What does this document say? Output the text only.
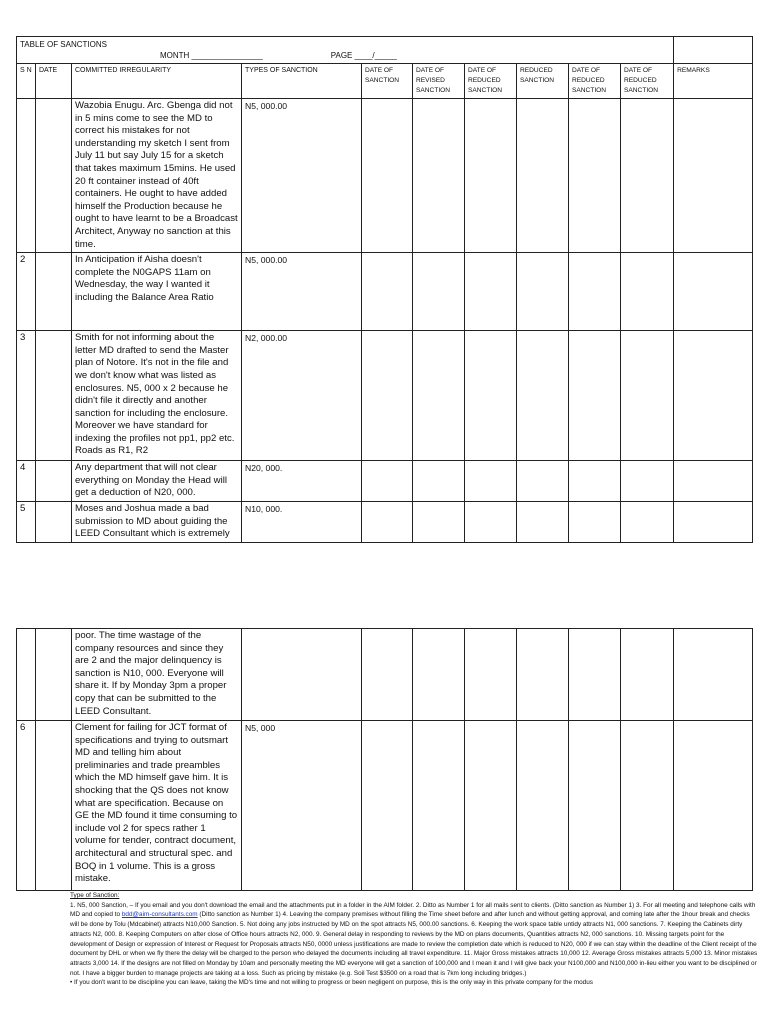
TABLE OF SANCTIONS
MONTH ________________ PAGE ____/_____										

S N	DATE	COMMITTED IRREGULARITY	TYPES OF SANCTION	DATE OF SANCTION	DATE OF REVISED SANCTION	DATE OF REDUCED SANCTION	REDUCED SANCTION	DATE OF REDUCED SANCTION	DATE OF REDUCED SANCTION	REMARKS
		Wazobia Enugu. Arc. Gbenga did not in 5 mins come to see the MD to correct his mistakes for not understanding my sketch I sent from July 11 but say July 15 for a sketch that takes maximum 15mins. He used 20 ft container instead of 40ft containers. He ought to have added himself the Production because he ought to have learnt to be a Broadcast Architect, Anyway no sanction at this time.	N5, 000.00							
2		In Anticipation if Aisha doesn't complete the N0GAPS 11am on Wednesday, the way I wanted it including the Balance Area Ratio	N5, 000.00							
3		Smith for not informing about the letter MD drafted to send the Master plan of Notore. It's not in the file and we don't know what was listed as enclosures. N5, 000 x 2 because he didn't file it directly and another sanction for including the enclosure. Moreover we have standard for indexing the profiles not pp1, pp2 etc. Roads as R1, R2	N2, 000.00							
4		Any department that will not clear everything on Monday the Head will get a deduction of N20, 000.	N20, 000.							
5		Moses and Joshua made a bad submission to MD about guiding the LEED Consultant which is extremely	N10, 000.							
		poor. The time wastage of the company resources and since they are 2 and the major delinquency is sanction is N10, 000. Everyone will share it. If by Monday 3pm a proper copy that can be submitted to the LEED Consultant.								
6		Clement for failing for JCT format of specifications and trying to outsmart MD and telling him about preliminaries and trade preambles which the MD himself gave him. It is shocking that the QS does not know what are specification. Because on GE the MD found it time consuming to include vol 2 for specs rather 1 volume for tender, contract document, architectural and structural spec. and BOQ in 1 volume. This is a gross mistake.	N5, 000							
Type of Sanction:
1. N5, 000 Sanction, – If you email and you don't download the email and the attachments put in a folder in the AIM folder. 2. Ditto as Number 1 for all mails sent to clients. (Ditto sanction as Number 1) 3. For all meeting and telephone calls with MD and copied to bdd@aim-consultants.com (Ditto sanction as Number 1) 4. Leaving the company premises without filling the Time sheet before and after lunch and without getting approval, and coming late after the 1hour break and checks will be done by Tolu (Mdcabinet) attracts N10,000 Sanction. 5. Not doing any jobs instructed by MD on the spot attracts N5, 000.00 sanctions. 6. Keeping the work space table untidy attracts N1, 000 sanctions. 7. Keeping the Cabinets dirty attracts N2, 000. 8. Keeping Computers on after close of Office hours attracts N2, 000. 9. General delay in responding to reviews by the MD on plans documents, Quantities attracts N2, 000 sanctions. 10. Missing targets point for the development of Design or expression of Interest or Request for Proposals attracts N50, 0000 unless justifications are made to review the completion date which is reduced to N20, 000 if we can stay within the deadline of the Client receipt of the document by DHL or when we fly there the delay will be charged to the person who delayed the documents including all travel expenditure. 11. Major Gross mistakes attracts 10,000 12. Average Gross mistakes attracts 5,000 13. Minor mistakes attracts 3,000 14. If the designs are not filled on Monday by 10am and personally meeting the MD everyone will get a sanction of 100,000 and I mean it and I will give back your N100,000 and N100,000 in-lieu either you want to be disciplined or not. I have a bigger burden to manage projects are taking at a loss. Such as pricing by mistake (e.g. Soil Test $3500 on a road that is 7km long including bridges.)
• If you don't want to be discipline you can leave, taking the MD's time and not willing to progress or been negligent on purpose, this is the only way in this private company for the modus
